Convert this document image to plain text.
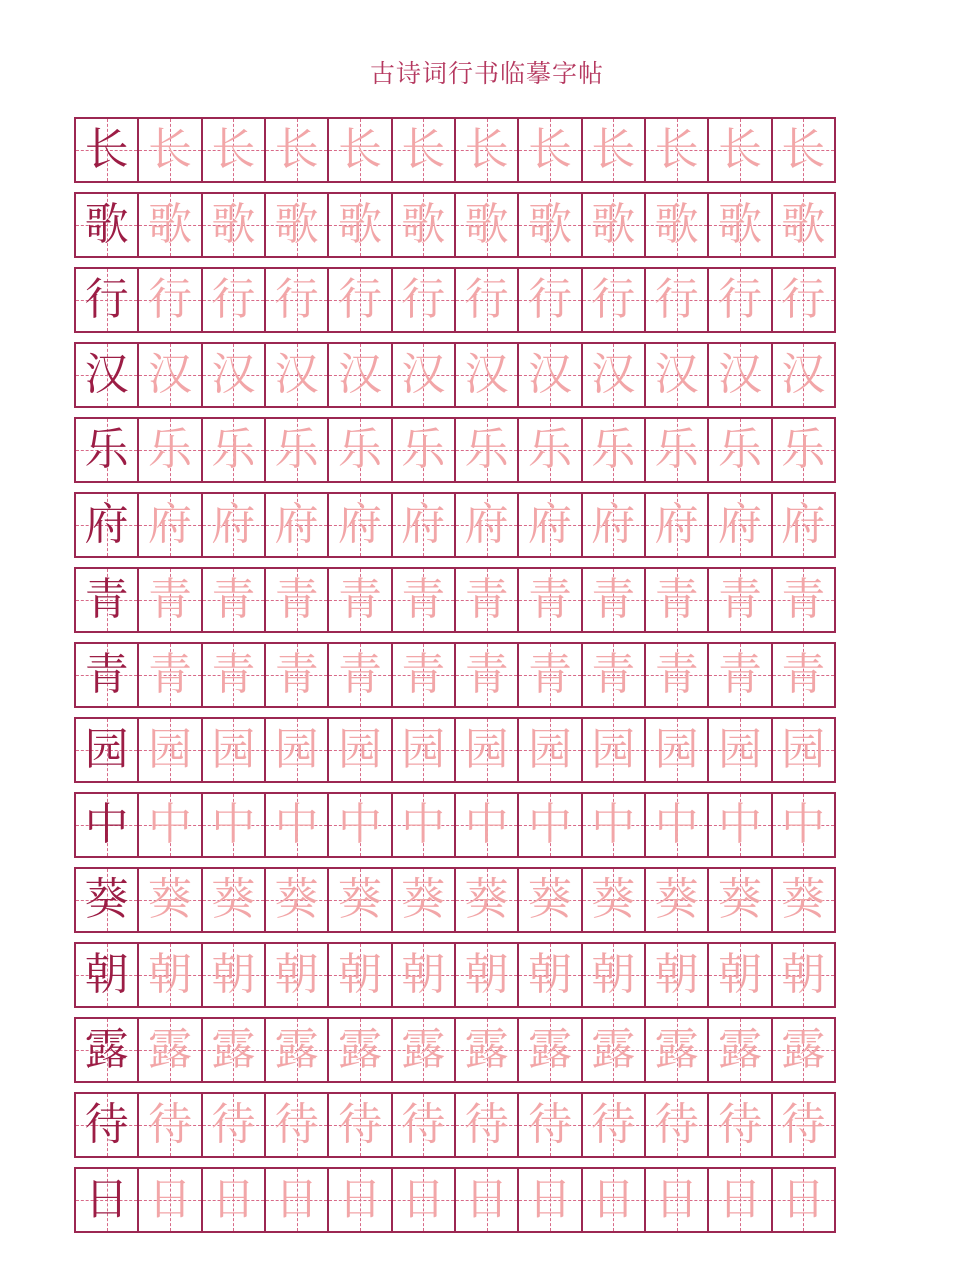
古诗词行书临摹字帖
长 长 长 长 长 长 长 长 长 长 长 长
歌 歌 歌 歌 歌 歌 歌 歌 歌 歌 歌 歌
行 行 行 行 行 行 行 行 行 行 行 行
汉 汉 汉 汉 汉 汉 汉 汉 汉 汉 汉 汉
乐 乐 乐 乐 乐 乐 乐 乐 乐 乐 乐 乐
府 府 府 府 府 府 府 府 府 府 府 府
青 青 青 青 青 青 青 青 青 青 青 青
青 青 青 青 青 青 青 青 青 青 青 青
园 园 园 园 园 园 园 园 园 园 园 园
中 中 中 中 中 中 中 中 中 中 中 中
葵 葵 葵 葵 葵 葵 葵 葵 葵 葵 葵 葵
朝 朝 朝 朝 朝 朝 朝 朝 朝 朝 朝 朝
露 露 露 露 露 露 露 露 露 露 露 露
待 待 待 待 待 待 待 待 待 待 待 待
日 日 日 日 日 日 日 日 日 日 日 日
